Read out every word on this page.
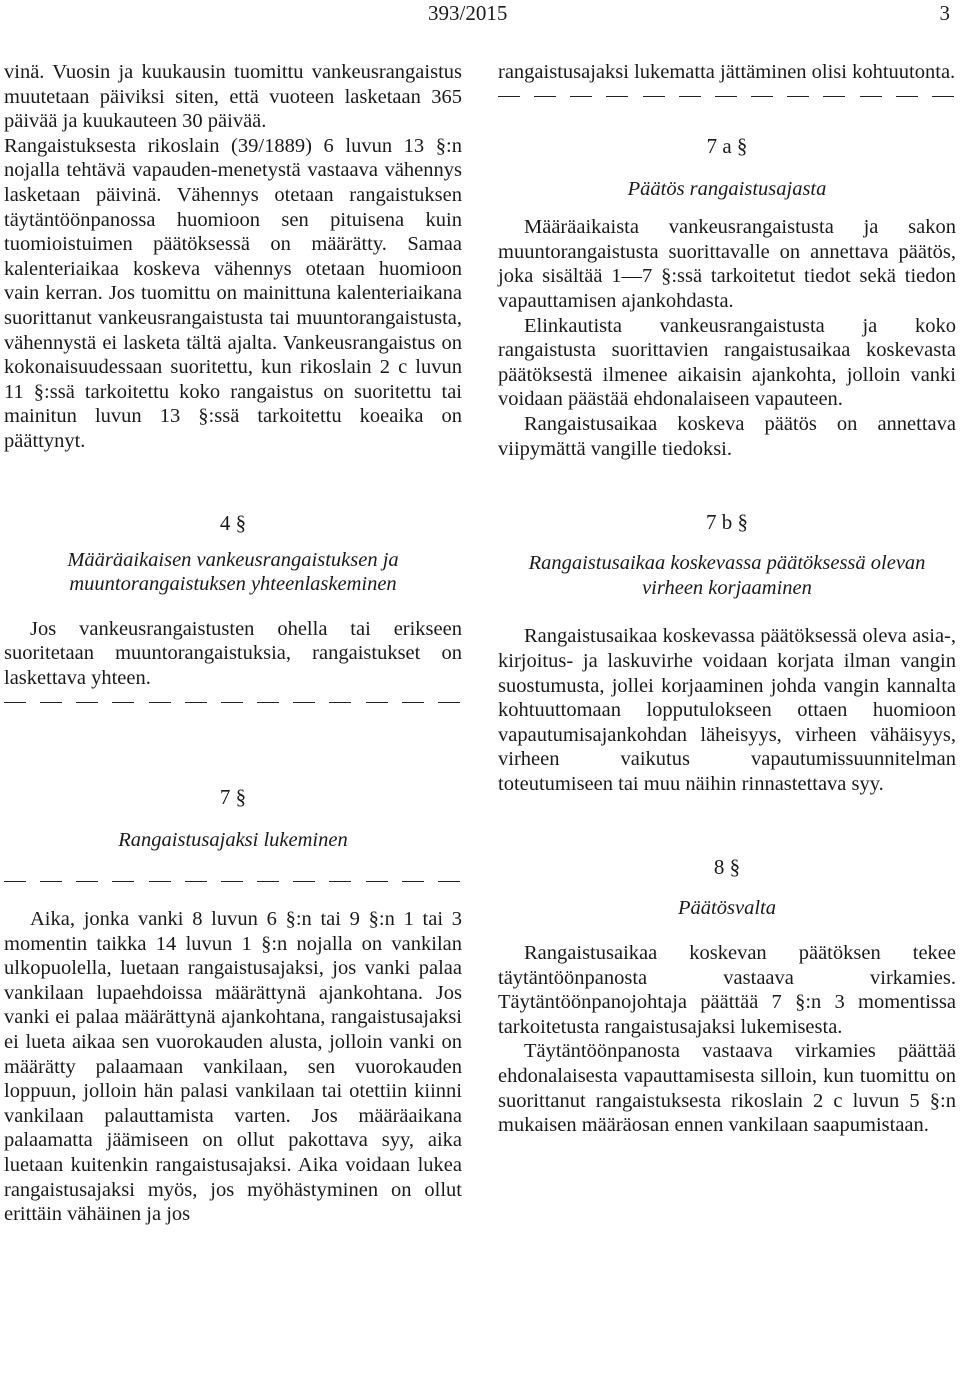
393/2015	3

vinä. Vuosin ja kuukausin tuomittu vankeusrangaistus muutetaan päiviksi siten, että vuoteen lasketaan 365 päivää ja kuukauteen 30 päivää.

Rangaistuksesta rikoslain (39/1889) 6 luvun 13 §:n nojalla tehtävä vapauden-menetystä vastaava vähennys lasketaan päivinä. Vähennys otetaan rangaistuksen täytäntöönpanossa huomioon sen pituisena kuin tuomioistuimen päätöksessä on määrätty. Samaa kalenteriaikaa koskeva vähennys otetaan huomioon vain kerran. Jos tuomittu on mainittuna kalenteriaikana suorittanut vankeusrangaistusta tai muuntorangaistusta, vähennystä ei lasketa tältä ajalta. Vankeusrangaistus on kokonaisuudessaan suoritettu, kun rikoslain 2 c luvun 11 §:ssä tarkoitettu koko rangaistus on suoritettu tai mainitun luvun 13 §:ssä tarkoitettu koeaika on päättynyt.

4 §

Määräaikaisen vankeusrangaistuksen ja muuntorangaistuksen yhteenlaskeminen

Jos vankeusrangaistusten ohella tai erikseen suoritetaan muuntorangaistuksia, rangaistukset on laskettava yhteen.

7 §

Rangaistusajaksi lukeminen

Aika, jonka vanki 8 luvun 6 §:n tai 9 §:n 1 tai 3 momentin taikka 14 luvun 1 §:n nojalla on vankilan ulkopuolella, luetaan rangaistusajaksi, jos vanki palaa vankilaan lupaehdoissa määrättynä ajankohtana. Jos vanki ei palaa määrättynä ajankohtana, rangaistusajaksi ei lueta aikaa sen vuorokauden alusta, jolloin vanki on määrätty palaamaan vankilaan, sen vuorokauden loppuun, jolloin hän palasi vankilaan tai otettiin kiinni vankilaan palauttamista varten. Jos määräaikana palaamatta jäämiseen on ollut pakottava syy, aika luetaan kuitenkin rangaistusajaksi. Aika voidaan lukea rangaistusajaksi myös, jos myöhästyminen on ollut erittäin vähäinen ja jos

rangaistusajaksi lukematta jättäminen olisi kohtuutonta.

7 a §

Päätös rangaistusajasta

Määräaikaista vankeusrangaistusta ja sakon muuntorangaistusta suorittavalle on annettava päätös, joka sisältää 1—7 §:ssä tarkoitetut tiedot sekä tiedon vapauttamisen ajankohdasta.

Elinkautista vankeusrangaistusta ja koko rangaistusta suorittavien rangaistusaikaa koskevasta päätöksestä ilmenee aikaisin ajankohta, jolloin vanki voidaan päästää ehdonalaiseen vapauteen.

Rangaistusaikaa koskeva päätös on annettava viipymättä vangille tiedoksi.

7 b §

Rangaistusaikaa koskevassa päätöksessä olevan virheen korjaaminen

Rangaistusaikaa koskevassa päätöksessä oleva asia-, kirjoitus- ja laskuvirhe voidaan korjata ilman vangin suostumusta, jollei korjaaminen johda vangin kannalta kohtuuttomaan lopputulokseen ottaen huomioon vapautumisajankohdan läheisyys, virheen vähäisyys, virheen vaikutus vapautumissuunnitelman toteutumiseen tai muu näihin rinnastettava syy.

8 §

Päätösvalta

Rangaistusaikaa koskevan päätöksen tekee täytäntöönpanosta vastaava virkamies. Täytäntöönpanojohtaja päättää 7 §:n 3 momentissa tarkoitetusta rangaistusajaksi lukemisesta.

Täytäntöönpanosta vastaava virkamies päättää ehdonalaisesta vapauttamisesta silloin, kun tuomittu on suorittanut rangaistuksesta rikoslain 2 c luvun 5 §:n mukaisen määräosan ennen vankilaan saapumistaan.
